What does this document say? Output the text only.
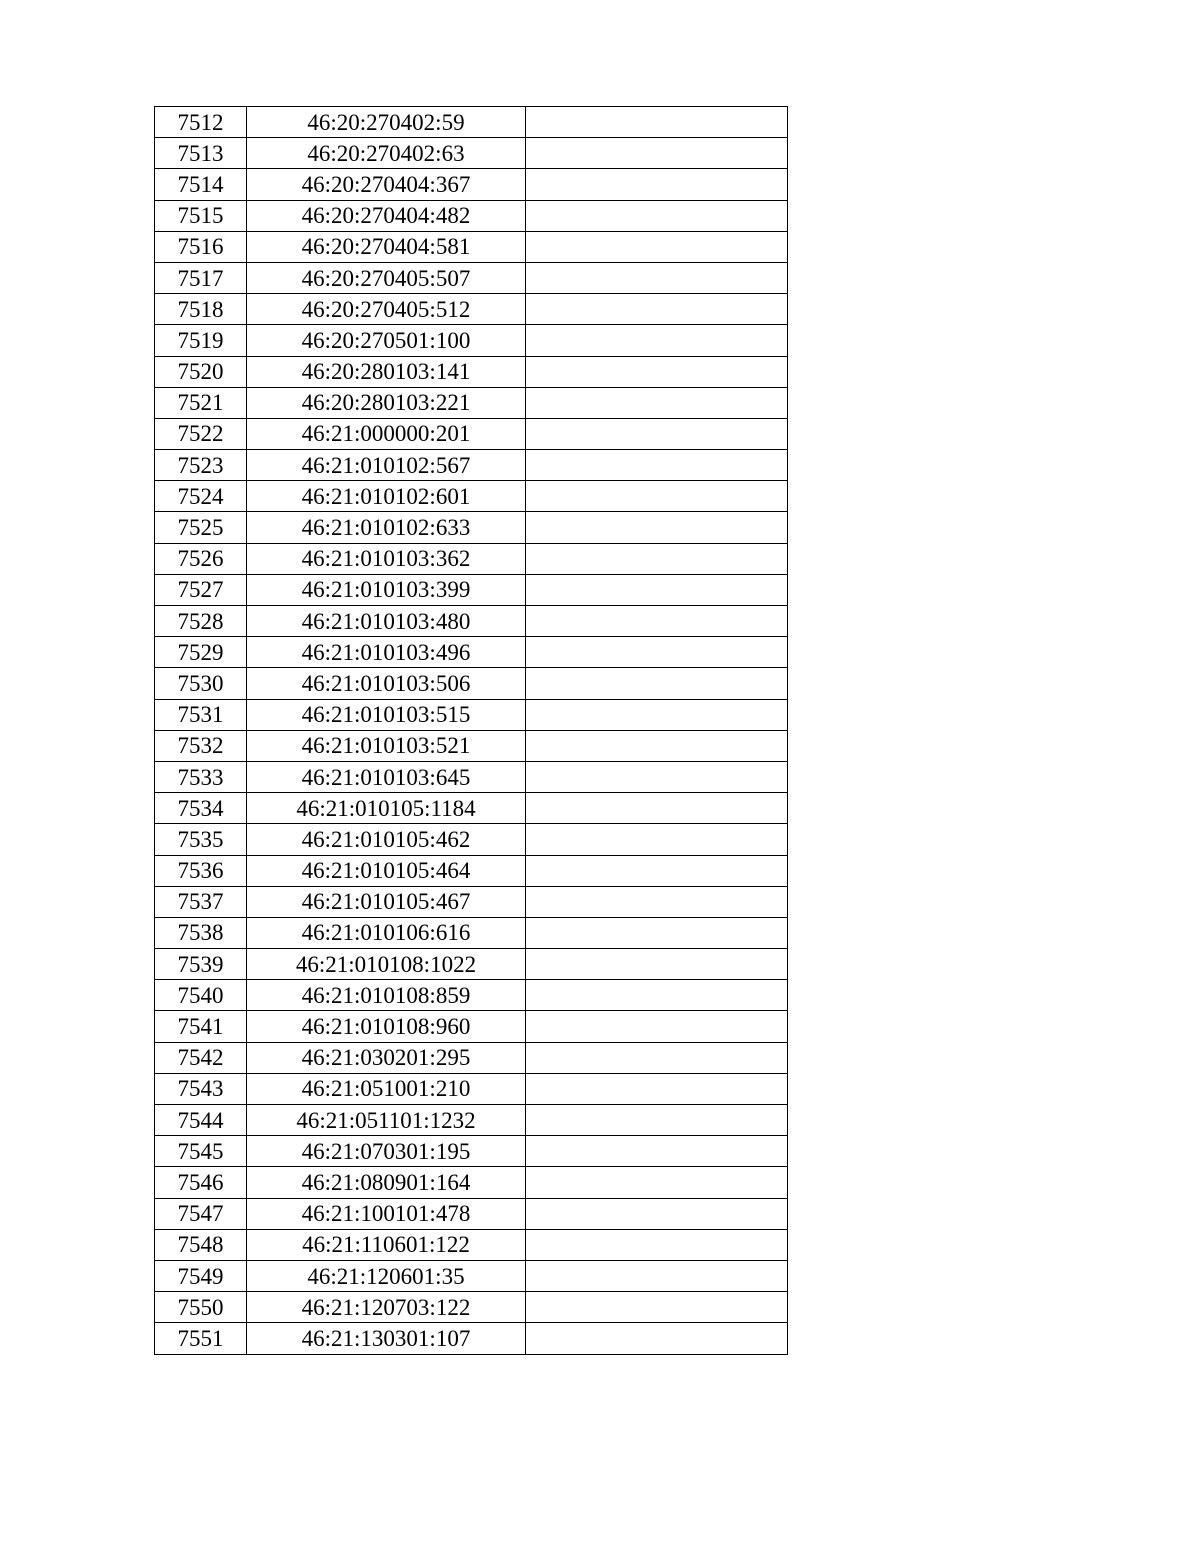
7512	46:20:270402:59	
7513	46:20:270402:63	
7514	46:20:270404:367	
7515	46:20:270404:482	
7516	46:20:270404:581	
7517	46:20:270405:507	
7518	46:20:270405:512	
7519	46:20:270501:100	
7520	46:20:280103:141	
7521	46:20:280103:221	
7522	46:21:000000:201	
7523	46:21:010102:567	
7524	46:21:010102:601	
7525	46:21:010102:633	
7526	46:21:010103:362	
7527	46:21:010103:399	
7528	46:21:010103:480	
7529	46:21:010103:496	
7530	46:21:010103:506	
7531	46:21:010103:515	
7532	46:21:010103:521	
7533	46:21:010103:645	
7534	46:21:010105:1184	
7535	46:21:010105:462	
7536	46:21:010105:464	
7537	46:21:010105:467	
7538	46:21:010106:616	
7539	46:21:010108:1022	
7540	46:21:010108:859	
7541	46:21:010108:960	
7542	46:21:030201:295	
7543	46:21:051001:210	
7544	46:21:051101:1232	
7545	46:21:070301:195	
7546	46:21:080901:164	
7547	46:21:100101:478	
7548	46:21:110601:122	
7549	46:21:120601:35	
7550	46:21:120703:122	
7551	46:21:130301:107	
